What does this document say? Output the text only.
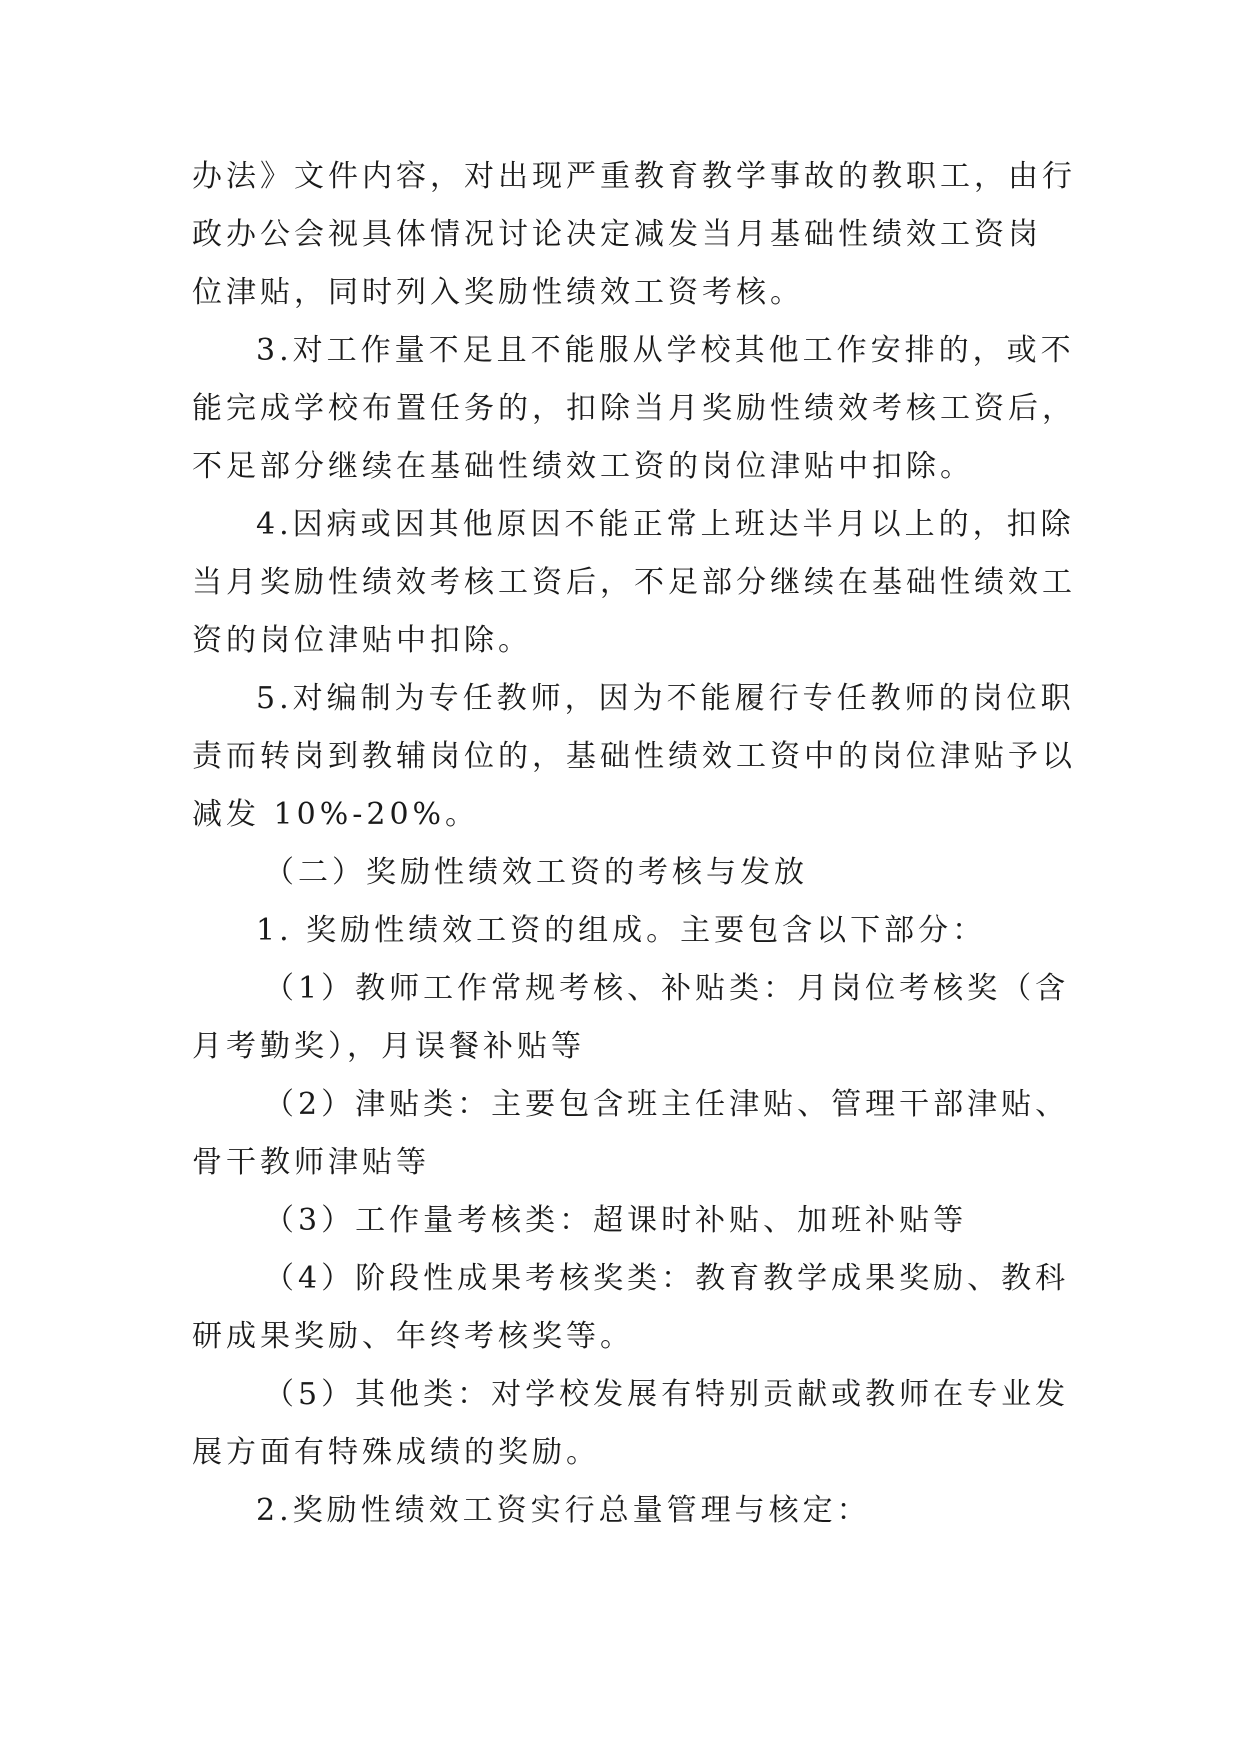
办法》文件内容，对出现严重教育教学事故的教职工，由行
政办公会视具体情况讨论决定减发当月基础性绩效工资岗
位津贴，同时列入奖励性绩效工资考核。
3.对工作量不足且不能服从学校其他工作安排的，或不
能完成学校布置任务的，扣除当月奖励性绩效考核工资后，
不足部分继续在基础性绩效工资的岗位津贴中扣除。
4.因病或因其他原因不能正常上班达半月以上的，扣除
当月奖励性绩效考核工资后，不足部分继续在基础性绩效工
资的岗位津贴中扣除。
5.对编制为专任教师，因为不能履行专任教师的岗位职
责而转岗到教辅岗位的，基础性绩效工资中的岗位津贴予以
减发 10%-20%。
（二）奖励性绩效工资的考核与发放
1. 奖励性绩效工资的组成。主要包含以下部分：
（1）教师工作常规考核、补贴类：月岗位考核奖（含
月考勤奖），月误餐补贴等
（2）津贴类：主要包含班主任津贴、管理干部津贴、
骨干教师津贴等
（3）工作量考核类：超课时补贴、加班补贴等
（4）阶段性成果考核奖类：教育教学成果奖励、教科
研成果奖励、年终考核奖等。
（5）其他类：对学校发展有特别贡献或教师在专业发
展方面有特殊成绩的奖励。
2.奖励性绩效工资实行总量管理与核定：
